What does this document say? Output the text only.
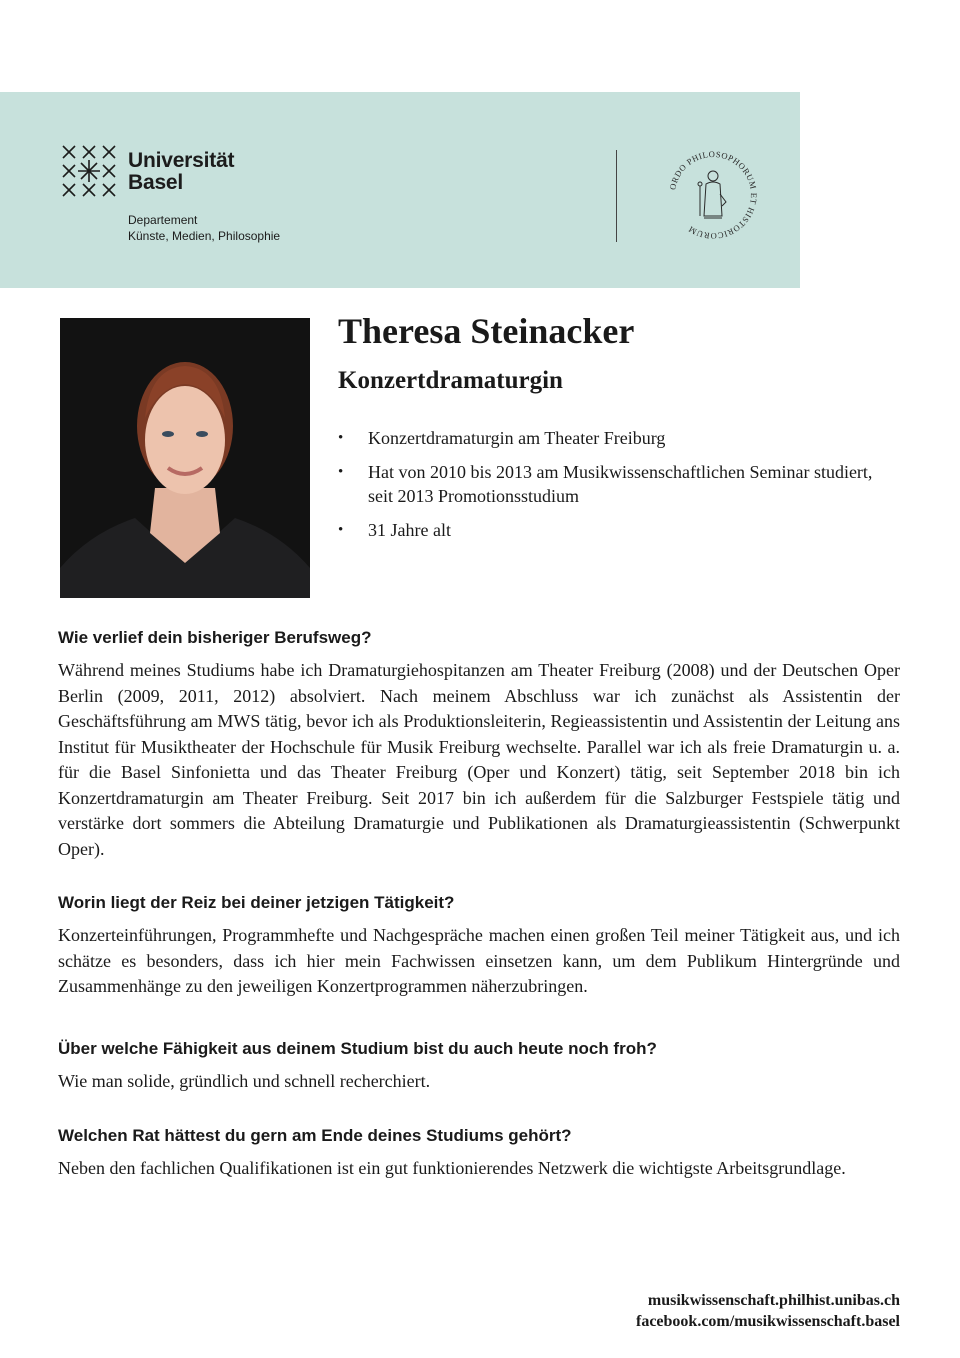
Universität
Basel
Departement
Künste, Medien, Philosophie
ORDO PHILOSOPHORUM ET HISTORICORUM
Theresa Steinacker
Konzertdramaturgin
• Konzertdramaturgin am Theater Freiburg
• Hat von 2010 bis 2013 am Musikwissenschaftlichen Seminar studiert, seit 2013 Promotionsstudium
• 31 Jahre alt
Wie verlief dein bisheriger Berufsweg?

Während meines Studiums habe ich Dramaturgiehospitanzen am Theater Freiburg (2008) und der Deutschen Oper Berlin (2009, 2011, 2012) absolviert. Nach meinem Abschluss war ich zunächst als Assistentin der Geschäftsführung am MWS tätig, bevor ich als Produktionsleiterin, Regieassistentin und Assistentin der Leitung ans Institut für Musiktheater der Hochschule für Musik Freiburg wechselte. Parallel war ich als freie Dramaturgin u. a. für die Basel Sinfonietta und das Theater Freiburg (Oper und Konzert) tätig, seit September 2018 bin ich Konzertdramaturgin am Theater Freiburg. Seit 2017 bin ich außerdem für die Salzburger Festspiele tätig und verstärke dort sommers die Abteilung Dramaturgie und Publikationen als Dramaturgieassistentin (Schwerpunkt Oper).

Worin liegt der Reiz bei deiner jetzigen Tätigkeit?

Konzerteinführungen, Programmhefte und Nachgespräche machen einen großen Teil meiner Tätigkeit aus, und ich schätze es besonders, dass ich hier mein Fachwissen einsetzen kann, um dem Publikum Hintergründe und Zusammenhänge zu den jeweiligen Konzertprogrammen näherzubringen.

Über welche Fähigkeit aus deinem Studium bist du auch heute noch froh?

Wie man solide, gründlich und schnell recherchiert.

Welchen Rat hättest du gern am Ende deines Studiums gehört?

Neben den fachlichen Qualifikationen ist ein gut funktionierendes Netzwerk die wichtigste Arbeitsgrundlage.

musikwissenschaft.philhist.unibas.ch
facebook.com/musikwissenschaft.basel
